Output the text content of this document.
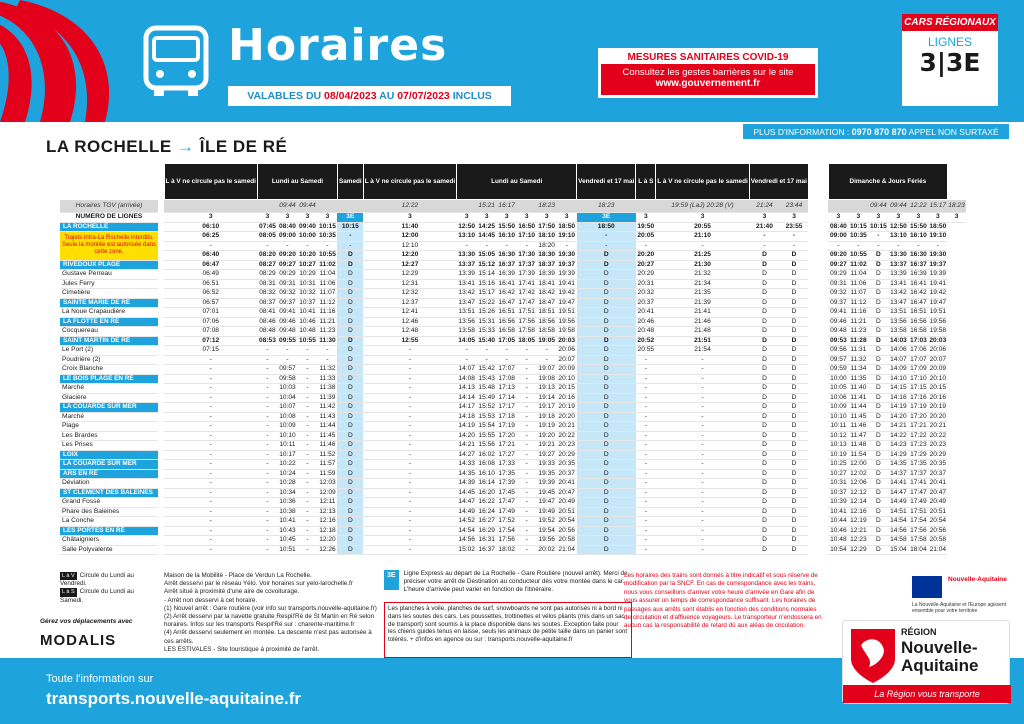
Horaires
VALABLES DU 08/04/2023 AU 07/07/2023 INCLUS
MESURES SANITAIRES COVID-19
Consultez les gestes barrières sur le site
www.gouvernement.fr
CARS RÉGIONAUX
LIGNES
3|3E
PLUS D'INFORMATION : 0970 870 870 APPEL NON SURTAXÉ
LA ROCHELLE → ÎLE DE RÉ
		L à V ne circule pas le samedi	Lundi au Samedi				Samedi	L à V ne circule pas le samedi	Lundi au Samedi						Vendredi et 17 mai	L à S	L à V ne circule pas le samedi	Vendredi et 17 mai			Dimanche & Jours Fériés						
Horaires TGV (arrivée)				09:44	09:44			12:22		15:21	16:17		18:23		18:23		19:59 (LaJ) 20:28 (V)	21:24	23:44				09:44	09:44	12:22	15:17	18:23
NUMÉRO DE LIGNES		3	3	3	3	3	3E	3	3	3	3	3	3	3	3E	3	3	3	3		3	3	3	3	3	3	3
LA ROCHELLE		06:10	07:45	08:40	09:40	10:15	10:15	11:40	12:50	14:25	15:50	16:50	17:50	18:50	18:50	19:50	20:55	21:40	23:55		08:40	10:15	10:15	12:50	15:50	18:50	
Trajets intra-La Rochelle interdits. Seule la montée est autorisée dans cette zone.		06:25	08:05	09:00	10:00	10:35	-	12:00	13:10	14:45	16:10	17:10	18:10	19:10	-	20:05	21:10	-	-		09:00	10:35	-	13:10	16:10	19:10	
		-	-	-	-	-	-	12:10	-	-	-	-	18:20	-	-	-	-	-	-		-	-	-	-	-	-	
		06:40	08:20	09:20	10:20	10:55	D	12:20	13:30	15:05	16:30	17:30	18:30	19:30	D	20:20	21:25	D	D		09:20	10:55	D	13:30	16:30	19:30	
RIVEDOUX PLAGE		06:47	08:27	09:27	10:27	11:02	D	12:27	13:37	15:12	16:37	17:37	18:37	19:37	D	20:27	21:30	D	D		09:27	11:02	D	13:37	16:37	19:37	
Gustave Perreau		06:49	08:29	09:29	10:29	11:04	D	12:29	13:39	15:14	16:39	17:39	18:39	19:39	D	20:29	21:32	D	D		09:29	11:04	D	13:39	16:39	19:39	
Jules Ferry		06:51	08:31	09:31	10:31	11:06	D	12:31	13:41	15:16	16:41	17:41	18:41	19:41	D	20:31	21:34	D	D		09:31	11:06	D	13:41	16:41	19:41	
Cimetière		06:52	08:32	09:32	10:32	11:07	D	12:32	13:42	15:17	16:42	17:42	18:42	19:42	D	20:32	21:35	D	D		09:32	11:07	D	13:42	16:42	19:42	
SAINTE MARIE DE RÉ		06:57	08:37	09:37	10:37	11:12	D	12:37	13:47	15:22	16:47	17:47	18:47	19:47	D	20:37	21:39	D	D		09:37	11:12	D	13:47	16:47	19:47	
La Noue Crapaudière		07:01	08:41	09:41	10:41	11:16	D	12:41	13:51	15:26	16:51	17:51	18:51	19:51	D	20:41	21:41	D	D		09:41	11:16	D	13:51	16:51	19:51	
LA FLOTTE EN RÉ		07:06	08:46	09:46	10:46	11:21	D	12:46	13:56	15:31	16:56	17:56	18:56	19:56	D	20:46	21:46	D	D		09:46	11:21	D	13:56	16:56	19:56	
Cocquereau		07:08	08:48	09:48	10:48	11:23	D	12:48	13:58	15:33	16:58	17:58	18:58	19:58	D	20:48	21:48	D	D		09:48	11:23	D	13:58	16:58	19:58	
SAINT MARTIN DE RÉ		07:12	08:53	09:55	10:55	11:30	D	12:55	14:05	15:40	17:05	18:05	19:05	20:03	D	20:52	21:51	D	D		09:53	11:28	D	14:03	17:03	20:03	
Le Port (2)		07:15	-	-	-	-	D	-	-	-	-	-	-	20:06	D	20:55	21:54	D	D		09:56	11:31	D	14:06	17:06	20:06	
Poudrière (2)		-	-	-	-	-	D	-	-	-	-	-	-	20:07	D	-	-	D	D		09:57	11:32	D	14:07	17:07	20:07	
Croix Blanche		-	-	09:57	-	11:32	D	-	14:07	15:42	17:07	-	19:07	20:09	D	-	-	D	D		09:59	11:34	D	14:09	17:09	20:09	
LE BOIS PLAGE EN RÉ		-	-	09:58	-	11:33	D	-	14:08	15:43	17:08	-	19:08	20:10	D	-	-	D	D		10:00	11:35	D	14:10	17:10	20:10	
Marché		-	-	10:03	-	11:38	D	-	14:13	15:48	17:13	-	19:13	20:15	D	-	-	D	D		10:05	11:40	D	14:15	17:15	20:15	
Glacière		-	-	10:04	-	11:39	D	-	14:14	15:49	17:14	-	19:14	20:16	D	-	-	D	D		10:06	11:41	D	14:16	17:16	20:16	
LA COUARDE SUR MER		-	-	10:07	-	11:42	D	-	14:17	15:52	17:17	-	19:17	20:19	D	-	-	D	D		10:09	11:44	D	14:19	17:19	20:19	
Marché		-	-	10:08	-	11:43	D	-	14:18	15:53	17:18	-	19:18	20:20	D	-	-	D	D		10:10	11:45	D	14:20	17:20	20:20	
Plage		-	-	10:09	-	11:44	D	-	14:19	15:54	17:19	-	19:19	20:21	D	-	-	D	D		10:11	11:46	D	14:21	17:21	20:21	
Les Brardes		-	-	10:10	-	11:45	D	-	14:20	15:55	17:20	-	19:20	20:22	D	-	-	D	D		10:12	11:47	D	14:22	17:22	20:22	
Les Prises		-	-	10:11	-	11:46	D	-	14:21	15:56	17:21	-	19:21	20:23	D	-	-	D	D		10:13	11:48	D	14:23	17:23	20:23	
LOIX		-	-	10:17	-	11:52	D	-	14:27	16:02	17:27	-	19:27	20:29	D	-	-	D	D		10:19	11:54	D	14:29	17:29	20:29	
LA COUARDE SUR MER		-	-	10:22	-	11:57	D	-	14:33	16:08	17:33	-	19:33	20:35	D	-	-	D	D		10:25	12:00	D	14:35	17:35	20:35	
ARS EN RÉ		-	-	10:24	-	11:59	D	-	14:35	16:10	17:35	-	19:35	20:37	D	-	-	D	D		10:27	12:02	D	14:37	17:37	20:37	
Déviation		-	-	10:28	-	12:03	D	-	14:39	16:14	17:39	-	19:39	20:41	D	-	-	D	D		10:31	12:06	D	14:41	17:41	20:41	
ST CLÉMENT DES BALEINES		-	-	10:34	-	12:09	D	-	14:45	16:20	17:45	-	19:45	20:47	D	-	-	D	D		10:37	12:12	D	14:47	17:47	20:47	
Grand Fossé		-	-	10:36	-	12:11	D	-	14:47	16:22	17:47	-	19:47	20:49	D	-	-	D	D		10:39	12:14	D	14:49	17:49	20:49	
Phare des Baleines		-	-	10:38	-	12:13	D	-	14:49	16:24	17:49	-	19:49	20:51	D	-	-	D	D		10:41	12:16	D	14:51	17:51	20:51	
La Conche		-	-	10:41	-	12:16	D	-	14:52	16:27	17:52	-	19:52	20:54	D	-	-	D	D		10:44	12:19	D	14:54	17:54	20:54	
LES PORTES EN RÉ		-	-	10:43	-	12:18	D	-	14:54	16:29	17:54	-	19:54	20:56	D	-	-	D	D		10:46	12:21	D	14:56	17:56	20:56	
Châtaigniers		-	-	10:45	-	12:20	D	-	14:56	16:31	17:56	-	19:56	20:58	D	-	-	D	D		10:48	12:23	D	14:58	17:58	20:58	
Salle Polyvalente		-	-	10:51	-	12:26	D	-	15:02	16:37	18:02	-	20:02	21:04	D	-	-	D	D		10:54	12:29	D	15:04	18:04	21:04	
L à V Circule du Lundi au Vendredi.
L à S Circule du Lundi au Samedi.
Maison de la Mobilité - Place de Verdun La Rochelle.
Arrêt desservi par le réseau Yélo. Voir horaires sur yelo-larochelle.fr
Arrêt situé à proximité d'une aire de covoiturage.
- Arrêt non desservi à cet horaire.
(1) Nouvel arrêt : Gare routière (voir info sur transports.nouvelle-aquitaine.fr)
(2) Arrêt desservi par la navette gratuite Respil'Ré de St Martin en Ré selon horaires. Infos sur les transports Respil'Ré sur : charente-maritime.fr
(4) Arrêt desservi seulement en montée. La descente n'est pas autorisée à ces arrêts.
LES ESTIVALES - Site touristique à proximité de l'arrêt.
Gérez vos déplacements avec
MODALIS
3E	Ligne Express au départ de La Rochelle - Gare Routière (nouvel arrêt). Merci de préciser votre arrêt de Destination au conducteur dès votre montée dans le car. L'heure d'arrivée peut varier en fonction de l'itinéraire.
Les planches à voile, planches de surf, snowboards ne sont pas autorisés ni à bord ni dans les soutes des cars. Les poussettes, trottinettes et vélos pliants (mis dans un sac de transport) sont soumis à la place disponible dans les soutes. Exception faite pour les chiens guides tenus en laisse, seuls les animaux de petite taille dans un panier sont tolérés. + d'infos en agence ou sur : transports.nouvelle-aquitaine.fr
Les horaires des trains sont donnés à titre indicatif et sous réserve de modification par la SNCF. En cas de correspondance avec les trains, nous vous conseillons d'arriver votre heure d'arrivée en Gare afin de vous assurer un temps de correspondance suffisant. Les horaires de passages aux arrêts sont établis en fonction des conditions normales de circulation et d'affluence voyageurs. Le transporteur n'endossera en aucun cas la responsabilité de retard dû aux aléas de circulation.
Nouvelle-Aquitaine
La Nouvelle-Aquitaine et l'Europe agissent ensemble pour votre territoire
Toute l'information sur
transports.nouvelle-aquitaine.fr
RÉGION
Nouvelle-Aquitaine
La Région vous transporte
